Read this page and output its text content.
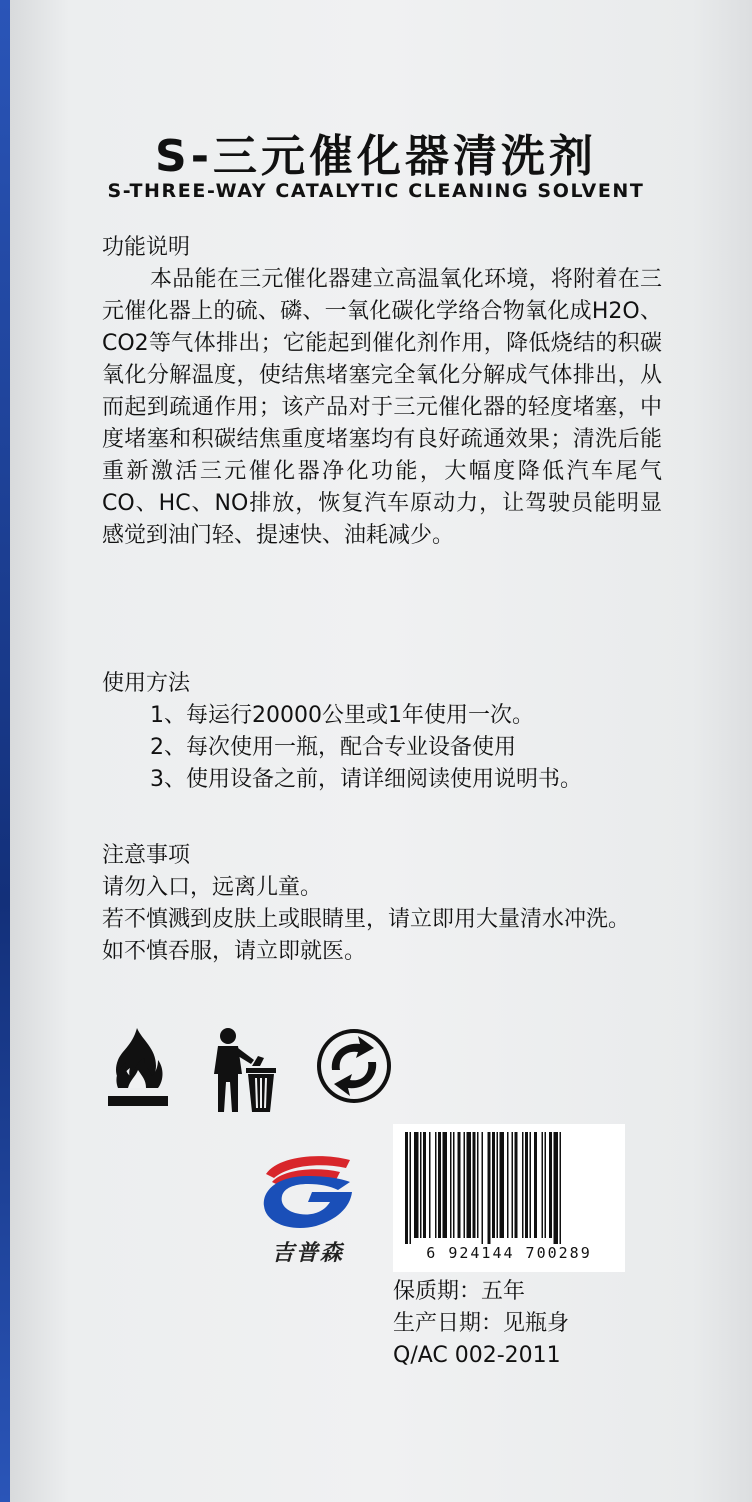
S-三元催化器清洗剂
S-THREE-WAY CATALYTIC CLEANING SOLVENT
功能说明
本品能在三元催化器建立高温氧化环境，将附着在三元催化器上的硫、磷、一氧化碳化学络合物氧化成H2O、CO2等气体排出；它能起到催化剂作用，降低烧结的积碳氧化分解温度，使结焦堵塞完全氧化分解成气体排出，从而起到疏通作用；该产品对于三元催化器的轻度堵塞，中度堵塞和积碳结焦重度堵塞均有良好疏通效果；清洗后能重新激活三元催化器净化功能，大幅度降低汽车尾气CO、HC、NO排放，恢复汽车原动力，让驾驶员能明显感觉到油门轻、提速快、油耗减少。
使用方法
1、每运行20000公里或1年使用一次。
2、每次使用一瓶，配合专业设备使用
3、使用设备之前，请详细阅读使用说明书。
注意事项
请勿入口，远离儿童。
若不慎溅到皮肤上或眼睛里，请立即用大量清水冲洗。
如不慎吞服，请立即就医。
吉普森	6 924144 700289
保质期：五年
生产日期：见瓶身
Q/AC 002-2011
